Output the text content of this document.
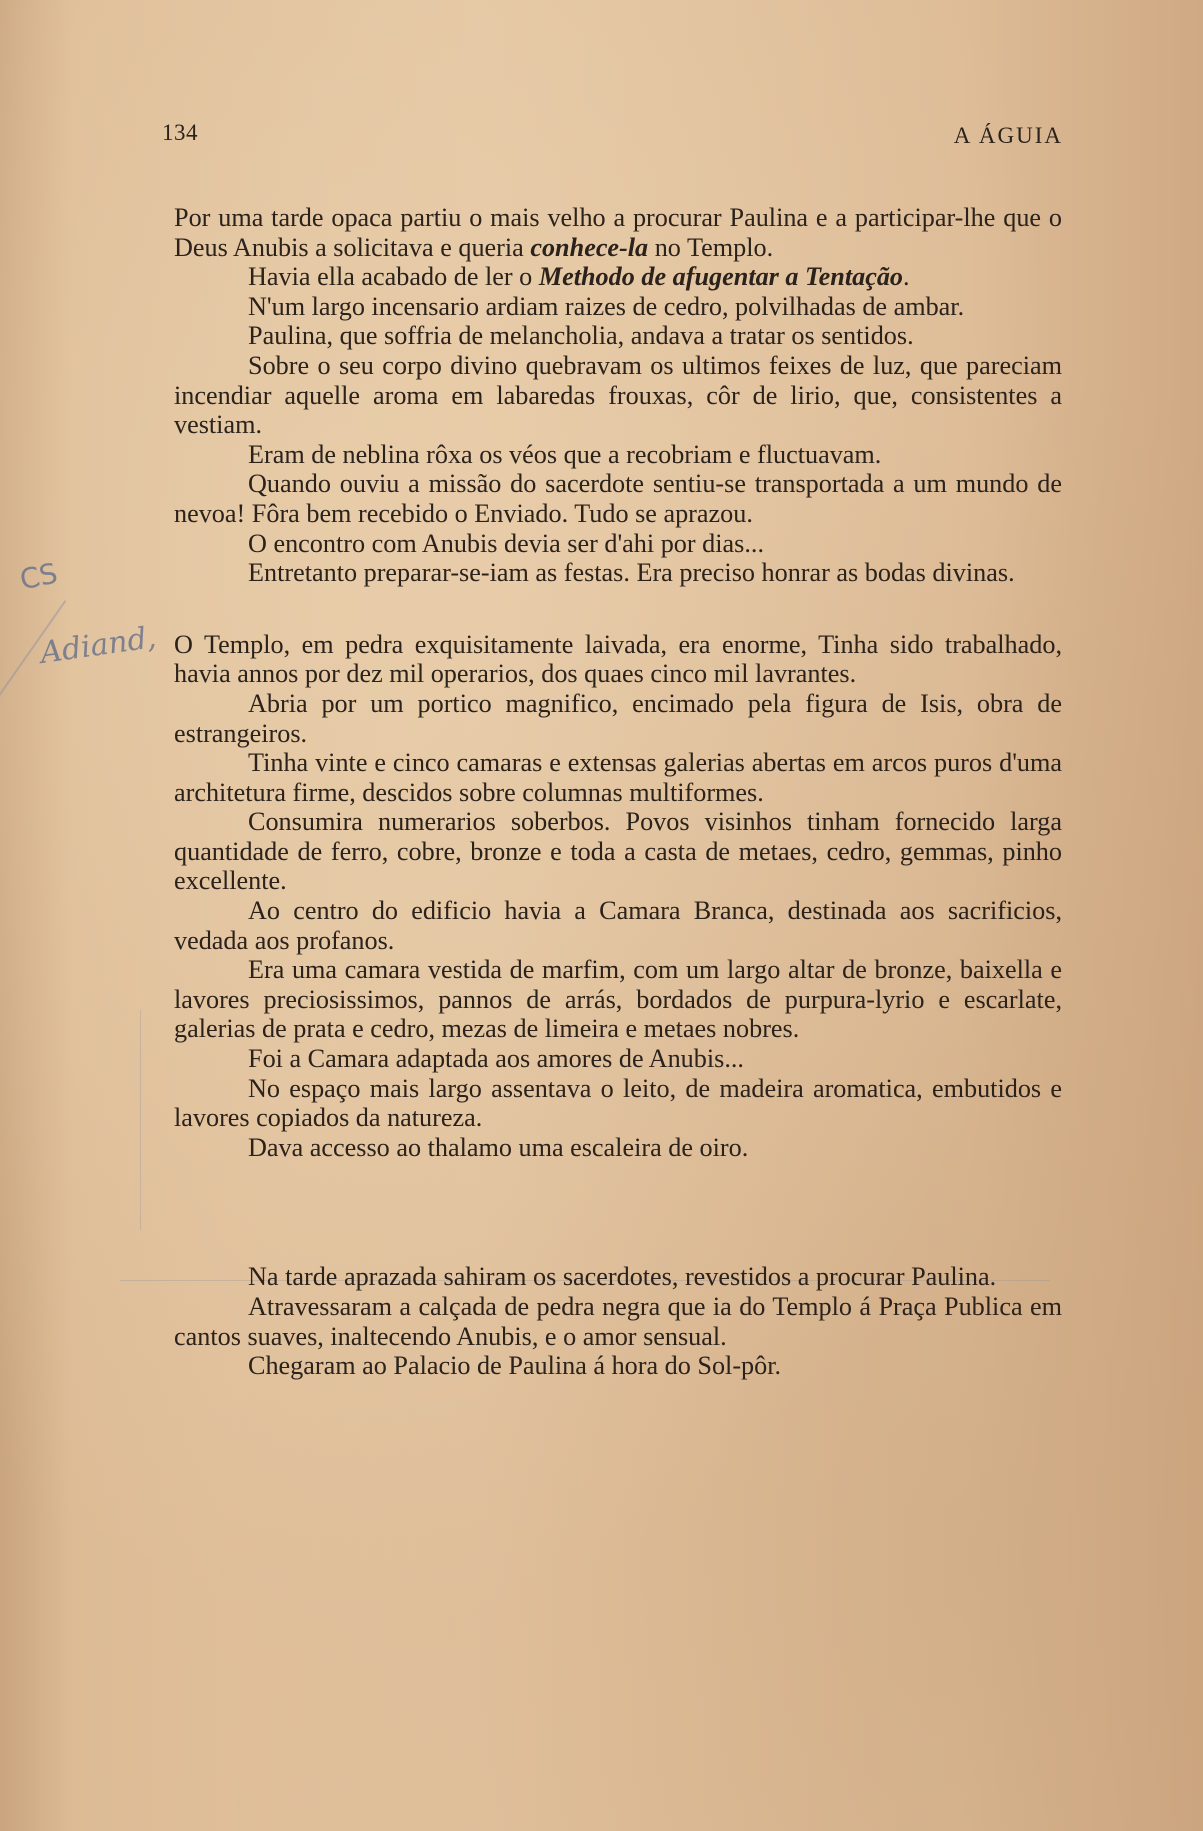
134	A ÁGUIA
CS
Adiand,

Por uma tarde opaca partiu o mais velho a procurar Paulina e a participar-lhe que o Deus Anubis a solicitava e queria conhece-la no Templo.

Havia ella acabado de ler o Methodo de afugentar a Tentação.

N'um largo incensario ardiam raizes de cedro, polvilhadas de ambar.

Paulina, que soffria de melancholia, andava a tratar os sentidos.

Sobre o seu corpo divino quebravam os ultimos feixes de luz, que pareciam incendiar aquelle aroma em labaredas frouxas, côr de lirio, que, consistentes a vestiam.

Eram de neblina rôxa os véos que a recobriam e fluctuavam.

Quando ouviu a missão do sacerdote sentiu-se transportada a um mundo de nevoa! Fôra bem recebido o Enviado. Tudo se aprazou.

O encontro com Anubis devia ser d'ahi por dias...

Entretanto preparar-se-iam as festas. Era preciso honrar as bodas divinas.

O Templo, em pedra exquisitamente laivada, era enorme, Tinha sido trabalhado, havia annos por dez mil operarios, dos quaes cinco mil lavrantes.

Abria por um portico magnifico, encimado pela figura de Isis, obra de estrangeiros.

Tinha vinte e cinco camaras e extensas galerias abertas em arcos puros d'uma architetura firme, descidos sobre columnas multiformes.

Consumira numerarios soberbos. Povos visinhos tinham fornecido larga quantidade de ferro, cobre, bronze e toda a casta de metaes, cedro, gemmas, pinho excellente.

Ao centro do edificio havia a Camara Branca, destinada aos sacrificios, vedada aos profanos.

Era uma camara vestida de marfim, com um largo altar de bronze, baixella e lavores preciosissimos, pannos de arrás, bordados de purpura-lyrio e escarlate, galerias de prata e cedro, mezas de limeira e metaes nobres.

Foi a Camara adaptada aos amores de Anubis...

No espaço mais largo assentava o leito, de madeira aromatica, embutidos e lavores copiados da natureza.

Dava accesso ao thalamo uma escaleira de oiro.

Na tarde aprazada sahiram os sacerdotes, revestidos a procurar Paulina.

Atravessaram a calçada de pedra negra que ia do Templo á Praça Publica em cantos suaves, inaltecendo Anubis, e o amor sensual.

Chegaram ao Palacio de Paulina á hora do Sol-pôr.
